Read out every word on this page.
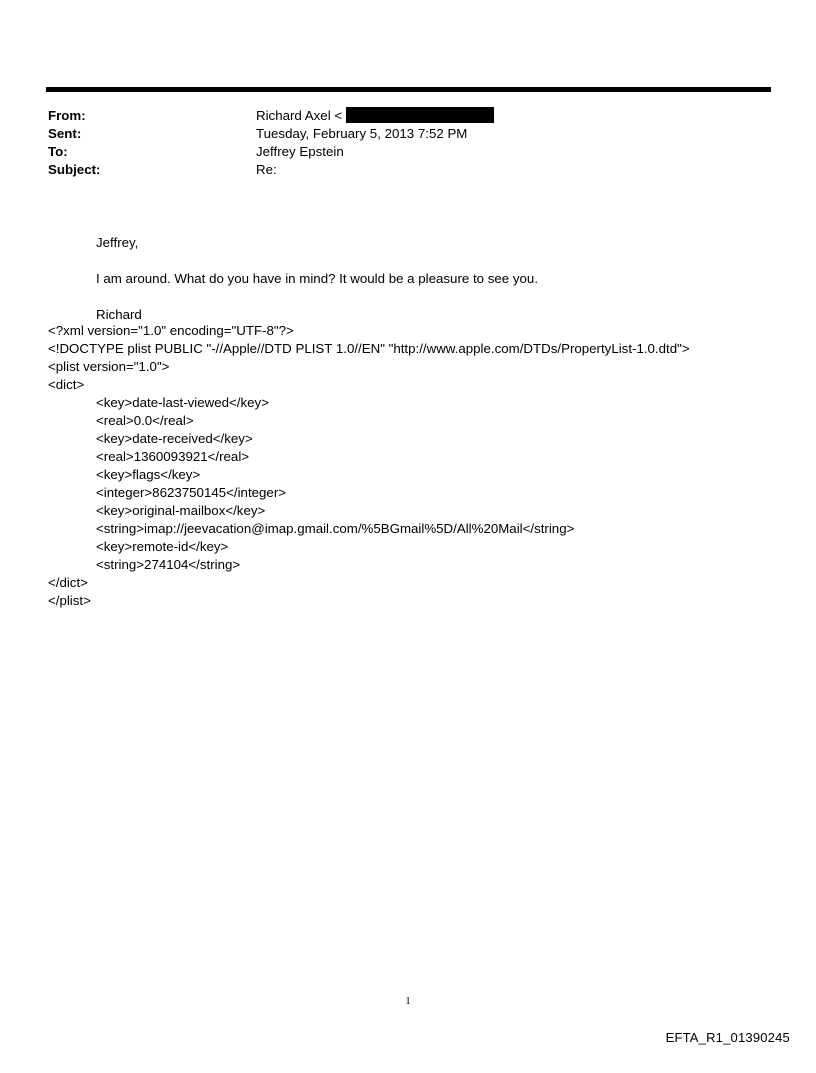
From:	Richard Axel <
Sent:	Tuesday, February 5, 2013 7:52 PM
To:	Jeffrey Epstein
Subject:	Re:
Jeffrey,
I am around. What do you have in mind? It would be a pleasure to see you.
Richard
<?xml version="1.0" encoding="UTF-8"?>
<!DOCTYPE plist PUBLIC "-//Apple//DTD PLIST 1.0//EN" "http://www.apple.com/DTDs/PropertyList-1.0.dtd">
<plist version="1.0">
<dict>
<key>date-last-viewed</key>
<real>0.0</real>
<key>date-received</key>
<real>1360093921</real>
<key>flags</key>
<integer>8623750145</integer>
<key>original-mailbox</key>
<string>imap://jeevacation@imap.gmail.com/%5BGmail%5D/All%20Mail</string>
<key>remote-id</key>
<string>274104</string>
</dict>
</plist>
1
EFTA_R1_01390245
